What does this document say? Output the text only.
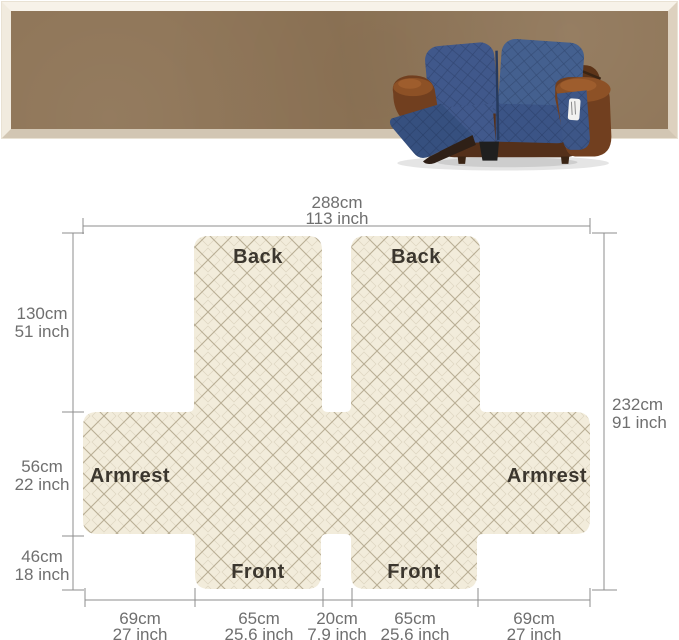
288cm
113 inch
232cm
91 inch
130cm
51 inch
56cm
22 inch
46cm
18 inch
69cm
27 inch
65cm
25.6 inch
20cm
7.9 inch
65cm
25.6 inch
69cm
27 inch
Back	Back
Armrest	Armrest
Front	Front
